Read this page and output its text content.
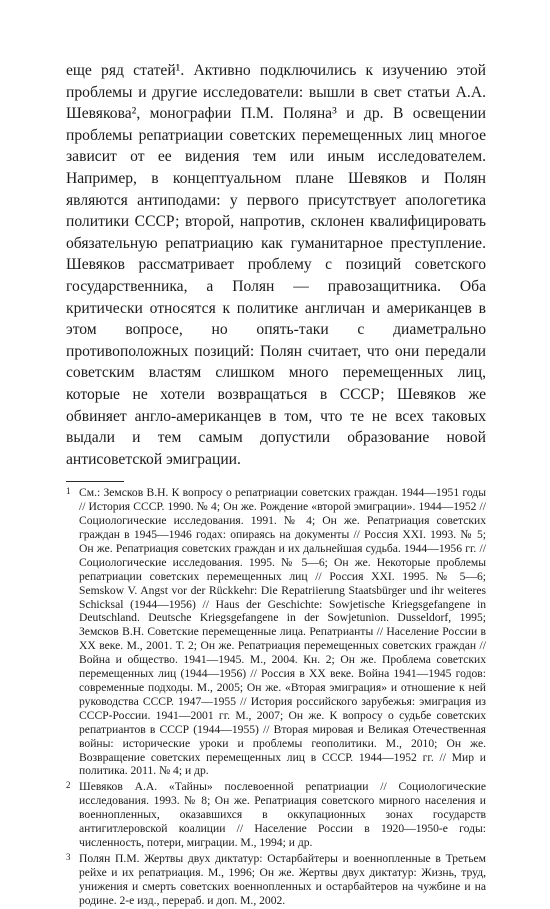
еще ряд статей¹. Активно подключились к изучению этой проблемы и другие исследователи: вышли в свет статьи А.А. Шевякова², монографии П.М. Поляна³ и др. В освещении проблемы репатриации советских перемещенных лиц многое зависит от ее видения тем или иным исследователем. Например, в концептуальном плане Шевяков и Полян являются антиподами: у первого присутствует апологетика политики СССР; второй, напротив, склонен квалифицировать обязательную репатриацию как гуманитарное преступление. Шевяков рассматривает проблему с позиций советского государственника, а Полян — правозащитника. Оба критически относятся к политике англичан и американцев в этом вопросе, но опять-таки с диаметрально противоположных позиций: Полян считает, что они передали советским властям слишком много перемещенных лиц, которые не хотели возвращаться в СССР; Шевяков же обвиняет англо-американцев в том, что те не всех таковых выдали и тем самым допустили образование новой антисоветской эмиграции.

1 См.: Земсков В.Н. К вопросу о репатриации советских граждан. 1944—1951 годы // История СССР. 1990. № 4; Он же. Рождение «второй эмиграции». 1944—1952 // Социологические исследования. 1991. № 4; Он же. Репатриация советских граждан в 1945—1946 годах: опираясь на документы // Россия XXI. 1993. № 5; Он же. Репатриация советских граждан и их дальнейшая судьба. 1944—1956 гг. // Социологические исследования. 1995. № 5—6; Он же. Некоторые проблемы репатриации советских перемещенных лиц // Россия XXI. 1995. № 5—6; Semskow V. Angst vor der Rückkehr: Die Repatriierung Staatsbürger und ihr weiteres Schicksal (1944—1956) // Haus der Geschichte: Sowjetische Kriegsgefangene in Deutschland. Deutsche Kriegsgefangene in der Sowjetunion. Dusseldorf, 1995; Земсков В.Н. Советские перемещенные лица. Репатрианты // Население России в XX веке. М., 2001. Т. 2; Он же. Репатриация перемещенных советских граждан // Война и общество. 1941—1945. М., 2004. Кн. 2; Он же. Проблема советских перемещенных лиц (1944—1956) // Россия в XX веке. Война 1941—1945 годов: современные подходы. М., 2005; Он же. «Вторая эмиграция» и отношение к ней руководства СССР. 1947—1955 // История российского зарубежья: эмиграция из СССР-России. 1941—2001 гг. М., 2007; Он же. К вопросу о судьбе советских репатриантов в СССР (1944—1955) // Вторая мировая и Великая Отечественная войны: исторические уроки и проблемы геополитики. М., 2010; Он же. Возвращение советских перемещенных лиц в СССР. 1944—1952 гг. // Мир и политика. 2011. № 4; и др.
2 Шевяков А.А. «Тайны» послевоенной репатриации // Социологические исследования. 1993. № 8; Он же. Репатриация советского мирного населения и военнопленных, оказавшихся в оккупационных зонах государств антигитлеровской коалиции // Население России в 1920—1950-е годы: численность, потери, миграции. М., 1994; и др.
3 Полян П.М. Жертвы двух диктатур: Остарбайтеры и военнопленные в Третьем рейхе и их репатриация. М., 1996; Он же. Жертвы двух диктатур: Жизнь, труд, унижения и смерть советских военнопленных и остарбайтеров на чужбине и на родине. 2-е изд., перераб. и доп. М., 2002.
